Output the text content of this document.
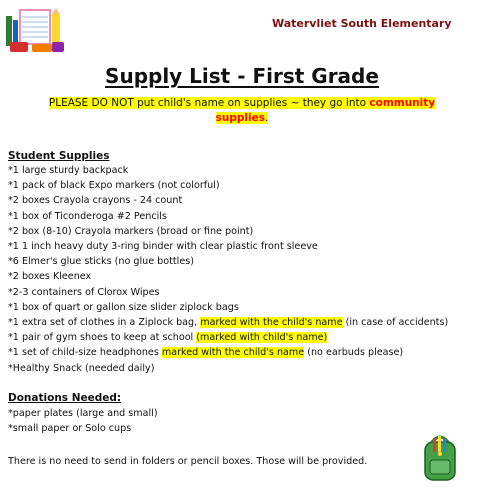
Watervliet South Elementary
Supply List - First Grade
PLEASE DO NOT put child's name on supplies ~ they go into community
supplies.
Student Supplies
*1 large sturdy backpack
*1 pack of black Expo markers (not colorful)
*2 boxes Crayola crayons - 24 count
*1 box of Ticonderoga #2 Pencils
*2 box (8-10) Crayola markers (broad or fine point)
*1 1 inch heavy duty 3-ring binder with clear plastic front sleeve
*6 Elmer's glue sticks (no glue bottles)
*2 boxes Kleenex
*2-3 containers of Clorox Wipes
*1 box of quart or gallon size slider ziplock bags
*1 extra set of clothes in a Ziplock bag, marked with the child's name (in case of accidents)
*1 pair of gym shoes to keep at school (marked with child's name)
*1 set of child-size headphones marked with the child's name (no earbuds please)
*Healthy Snack (needed daily)
Donations Needed:
*paper plates (large and small)
*small paper or Solo cups
There is no need to send in folders or pencil boxes. Those will be provided.
